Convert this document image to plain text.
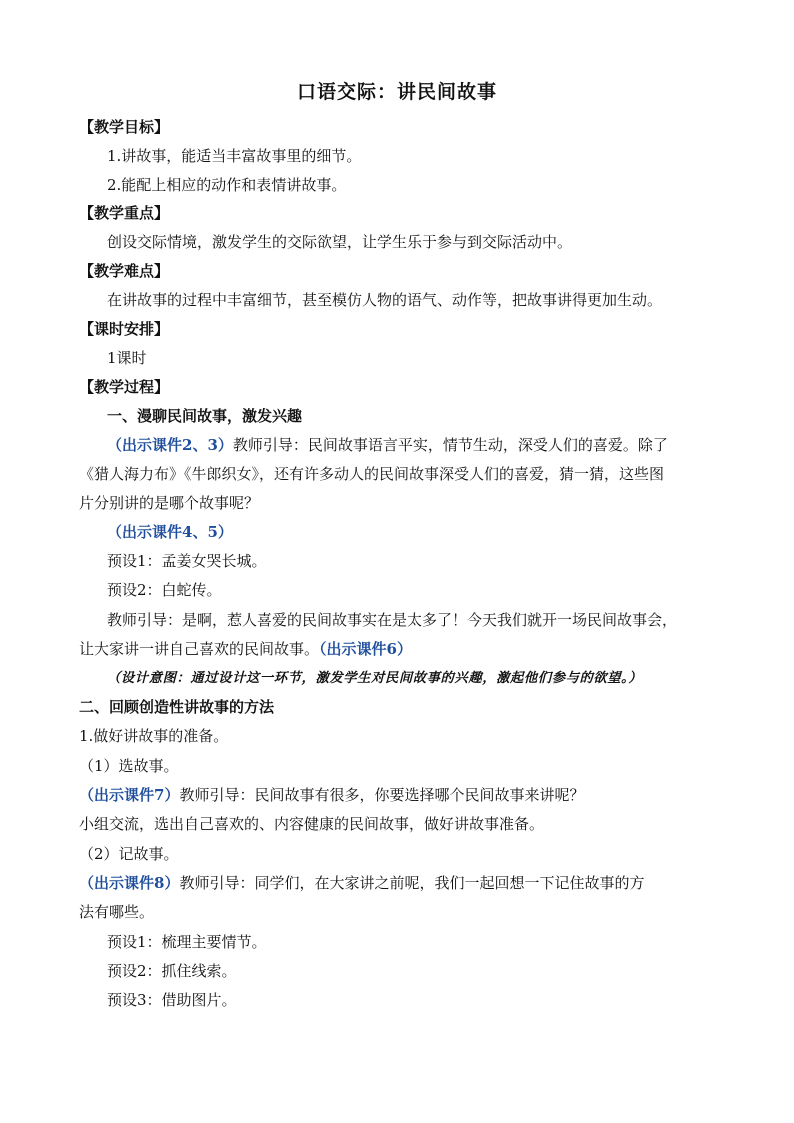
口语交际：讲民间故事
【教学目标】
1.讲故事，能适当丰富故事里的细节。
2.能配上相应的动作和表情讲故事。
【教学重点】
创设交际情境，激发学生的交际欲望，让学生乐于参与到交际活动中。
【教学难点】
在讲故事的过程中丰富细节，甚至模仿人物的语气、动作等，把故事讲得更加生动。
【课时安排】
1课时
【教学过程】
一、漫聊民间故事，激发兴趣
（出示课件2、3）教师引导：民间故事语言平实，情节生动，深受人们的喜爱。除了
《猎人海力布》《牛郎织女》，还有许多动人的民间故事深受人们的喜爱，猜一猜，这些图
片分别讲的是哪个故事呢？
（出示课件4、5）
预设1：孟姜女哭长城。
预设2：白蛇传。
教师引导：是啊，惹人喜爱的民间故事实在是太多了！今天我们就开一场民间故事会，
让大家讲一讲自己喜欢的民间故事。（出示课件6）
（设计意图：通过设计这一环节，激发学生对民间故事的兴趣，激起他们参与的欲望。）
二、回顾创造性讲故事的方法
1.做好讲故事的准备。
（1）选故事。
（出示课件7）教师引导：民间故事有很多，你要选择哪个民间故事来讲呢？
小组交流，选出自己喜欢的、内容健康的民间故事，做好讲故事准备。
（2）记故事。
（出示课件8）教师引导：同学们，在大家讲之前呢，我们一起回想一下记住故事的方
法有哪些。
预设1：梳理主要情节。
预设2：抓住线索。
预设3：借助图片。
